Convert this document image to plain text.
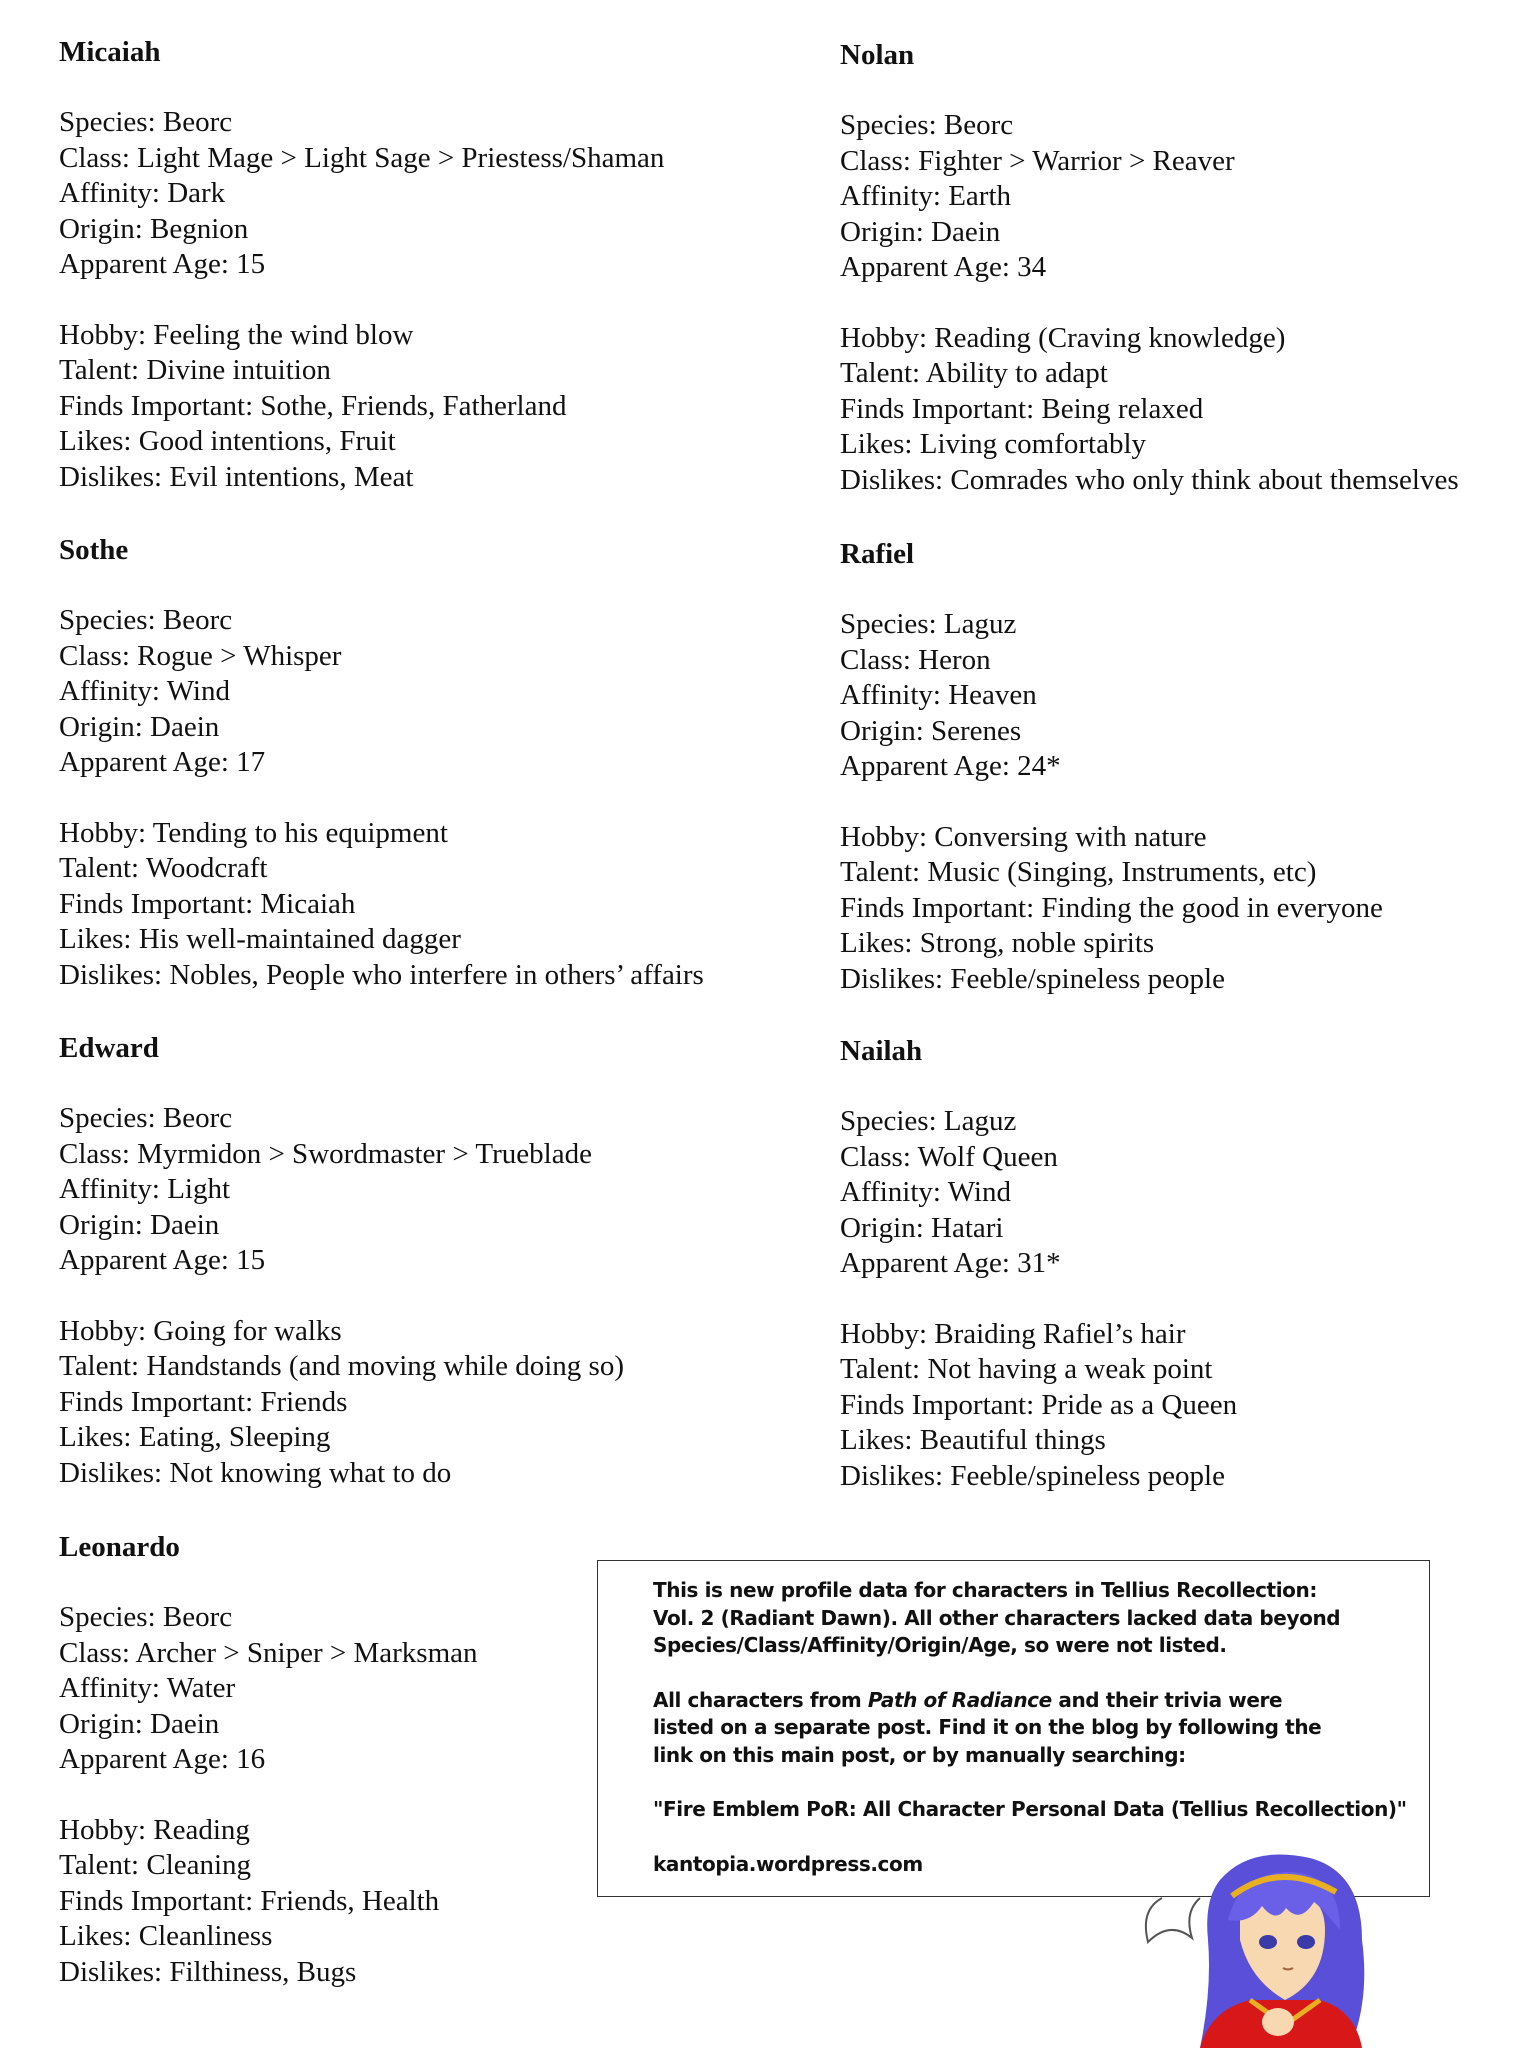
Micaiah
Species: Beorc
Class: Light Mage > Light Sage > Priestess/Shaman
Affinity: Dark
Origin: Begnion
Apparent Age: 15
Hobby: Feeling the wind blow
Talent: Divine intuition
Finds Important: Sothe, Friends, Fatherland
Likes: Good intentions, Fruit
Dislikes: Evil intentions, Meat
Sothe
Species: Beorc
Class: Rogue > Whisper
Affinity: Wind
Origin: Daein
Apparent Age: 17
Hobby: Tending to his equipment
Talent: Woodcraft
Finds Important: Micaiah
Likes: His well-maintained dagger
Dislikes: Nobles, People who interfere in others’ affairs
Edward
Species: Beorc
Class: Myrmidon > Swordmaster > Trueblade
Affinity: Light
Origin: Daein
Apparent Age: 15
Hobby: Going for walks
Talent: Handstands (and moving while doing so)
Finds Important: Friends
Likes: Eating, Sleeping
Dislikes: Not knowing what to do
Leonardo
Species: Beorc
Class: Archer > Sniper > Marksman
Affinity: Water
Origin: Daein
Apparent Age: 16
Hobby: Reading
Talent: Cleaning
Finds Important: Friends, Health
Likes: Cleanliness
Dislikes: Filthiness, Bugs
Nolan
Species: Beorc
Class: Fighter > Warrior > Reaver
Affinity: Earth
Origin: Daein
Apparent Age: 34
Hobby: Reading (Craving knowledge)
Talent: Ability to adapt
Finds Important: Being relaxed
Likes: Living comfortably
Dislikes: Comrades who only think about themselves
Rafiel
Species: Laguz
Class: Heron
Affinity: Heaven
Origin: Serenes
Apparent Age: 24*
Hobby: Conversing with nature
Talent: Music (Singing, Instruments, etc)
Finds Important: Finding the good in everyone
Likes: Strong, noble spirits
Dislikes: Feeble/spineless people
Nailah
Species: Laguz
Class: Wolf Queen
Affinity: Wind
Origin: Hatari
Apparent Age: 31*
Hobby: Braiding Rafiel’s hair
Talent: Not having a weak point
Finds Important: Pride as a Queen
Likes: Beautiful things
Dislikes: Feeble/spineless people
This is new profile data for characters in Tellius Recollection:
Vol. 2 (Radiant Dawn). All other characters lacked data beyond
Species/Class/Affinity/Origin/Age, so were not listed.
All characters from Path of Radiance and their trivia were
listed on a separate post. Find it on the blog by following the
link on this main post, or by manually searching:
"Fire Emblem PoR: All Character Personal Data (Tellius Recollection)"
kantopia.wordpress.com
